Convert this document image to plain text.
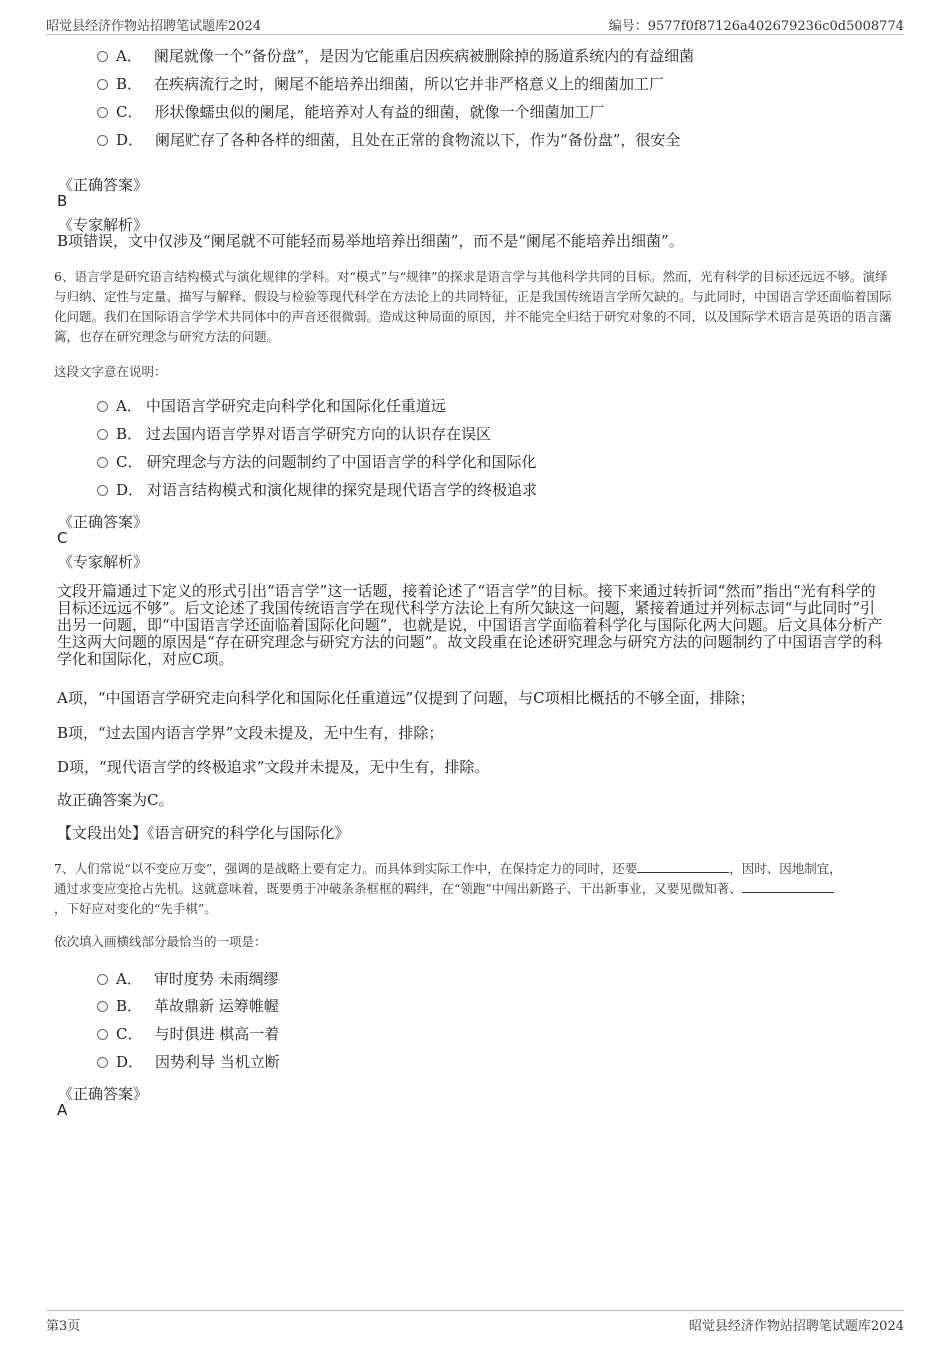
昭觉县经济作物站招聘笔试题库2024	编号：9577f0f87126a402679236c0d5008774
A． 阑尾就像一个“备份盘”，是因为它能重启因疾病被删除掉的肠道系统内的有益细菌
B． 在疾病流行之时，阑尾不能培养出细菌，所以它并非严格意义上的细菌加工厂
C． 形状像蠕虫似的阑尾，能培养对人有益的细菌，就像一个细菌加工厂
D． 阑尾贮存了各种各样的细菌，且处在正常的食物流以下，作为“备份盘”，很安全
《正确答案》
B
《专家解析》
B项错误，文中仅涉及“阑尾就不可能轻而易举地培养出细菌”，而不是“阑尾不能培养出细菌”。
6、语言学是研究语言结构模式与演化规律的学科。对“模式”与“规律”的探求是语言学与其他科学共同的目标。然而，光有科学的目标还远远不够。演绎与归纳、定性与定量、描写与解释、假设与检验等现代科学在方法论上的共同特征，正是我国传统语言学所欠缺的。与此同时，中国语言学还面临着国际化问题。我们在国际语言学学术共同体中的声音还很微弱。造成这种局面的原因，并不能完全归结于研究对象的不同，以及国际学术语言是英语的语言藩篱，也存在研究理念与研究方法的问题。
这段文字意在说明：
A． 中国语言学研究走向科学化和国际化任重道远
B． 过去国内语言学界对语言学研究方向的认识存在误区
C． 研究理念与方法的问题制约了中国语言学的科学化和国际化
D． 对语言结构模式和演化规律的探究是现代语言学的终极追求
《正确答案》
C
《专家解析》
文段开篇通过下定义的形式引出“语言学”这一话题，接着论述了“语言学”的目标。接下来通过转折词“然而”指出“光有科学的目标还远远不够”。后文论述了我国传统语言学在现代科学方法论上有所欠缺这一问题，紧接着通过并列标志词“与此同时”引出另一问题，即“中国语言学还面临着国际化问题”，也就是说，中国语言学面临着科学化与国际化两大问题。后文具体分析产生这两大问题的原因是“存在研究理念与研究方法的问题”。故文段重在论述研究理念与研究方法的问题制约了中国语言学的科学化和国际化，对应C项。
A项，“中国语言学研究走向科学化和国际化任重道远”仅提到了问题，与C项相比概括的不够全面，排除；
B项，“过去国内语言学界”文段未提及，无中生有，排除；
D项，“现代语言学的终极追求”文段并未提及，无中生有，排除。
故正确答案为C。
【文段出处】《语言研究的科学化与国际化》
7、人们常说“以不变应万变”，强调的是战略上要有定力。而具体到实际工作中，在保持定力的同时，还要	，因时、因地制宜，
通过求变应变抢占先机。这就意味着，既要勇于冲破条条框框的羁绊，在“领跑”中闯出新路子、干出新事业，又要见微知著、
，下好应对变化的“先手棋”。
依次填入画横线部分最恰当的一项是：
A． 审时度势 未雨绸缪
B． 革故鼎新 运筹帷幄
C． 与时俱进 棋高一着
D． 因势利导 当机立断
《正确答案》
A
第3页	昭觉县经济作物站招聘笔试题库2024
